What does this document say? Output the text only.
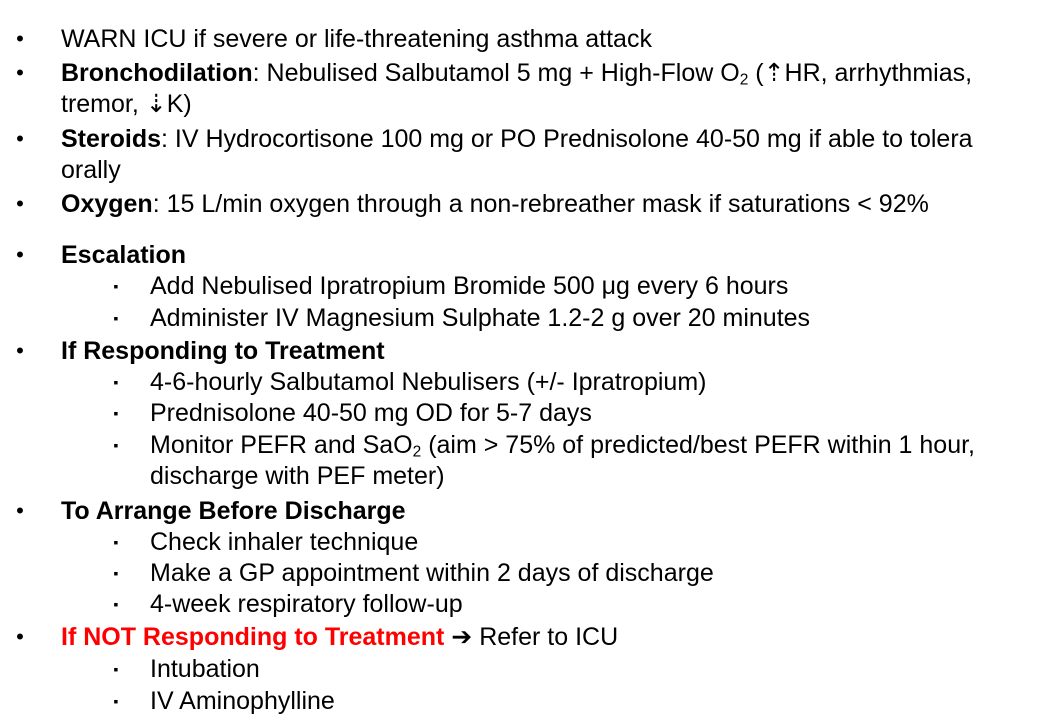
• WARN ICU if severe or life-threatening asthma attack
• Bronchodilation: Nebulised Salbutamol 5 mg + High-Flow $O_2$ (⇡HR, arrhythmias,
tremor, ⇣K)
• Steroids: IV Hydrocortisone 100 mg or PO Prednisolone 40-50 mg if able to tolera
orally
• Oxygen: 15 L/min oxygen through a non-rebreather mask if saturations < 92%
• Escalation
▪	Add Nebulised Ipratropium Bromide 500 μg every 6 hours
▪	Administer IV Magnesium Sulphate 1.2-2 g over 20 minutes
• If Responding to Treatment
▪	4-6-hourly Salbutamol Nebulisers (+/- Ipratropium)
▪	Prednisolone 40-50 mg OD for 5-7 days
▪	Monitor PEFR and SaO$_2$ (aim > 75% of predicted/best PEFR within 1 hour,
discharge with PEF meter)
• To Arrange Before Discharge
▪	Check inhaler technique
▪	Make a GP appointment within 2 days of discharge
▪	4-week respiratory follow-up
• If NOT Responding to Treatment ➔ Refer to ICU
▪	Intubation
▪	IV Aminophylline
